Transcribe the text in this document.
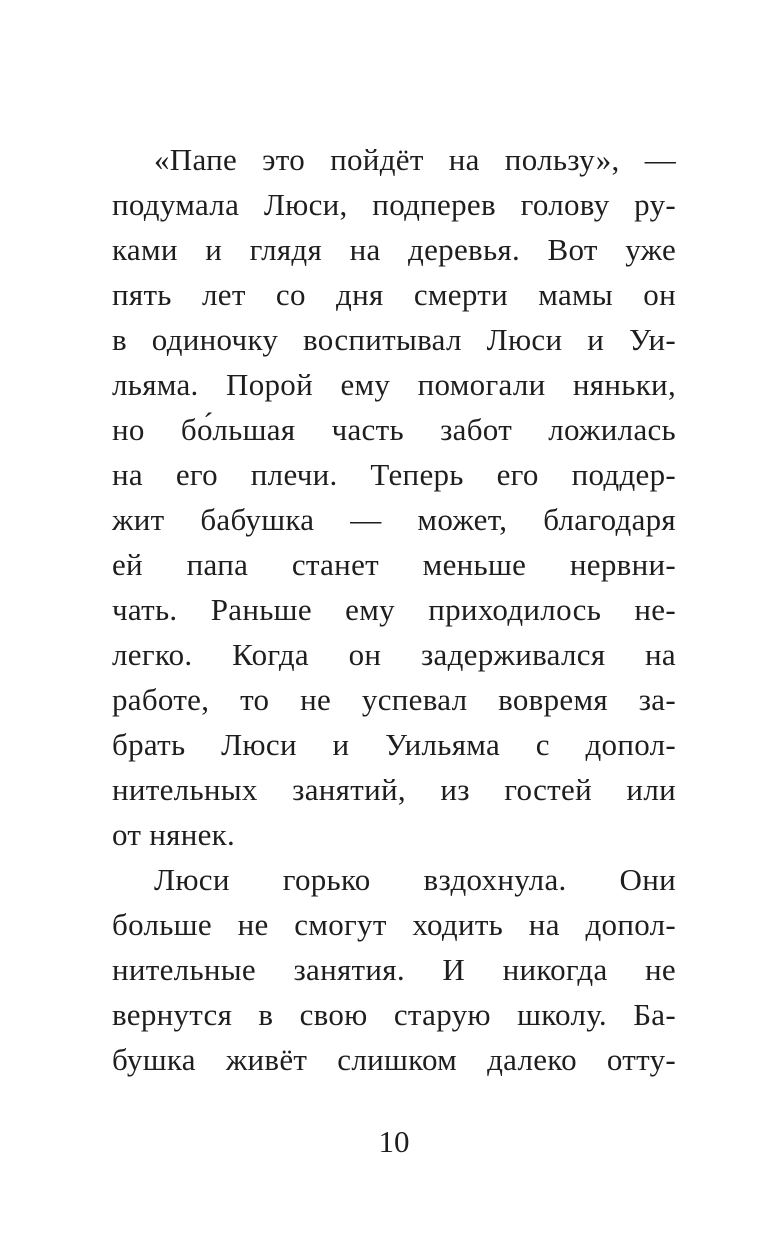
«Папе это пойдёт на пользу», —
подумала Люси, подперев голову ру-
ками и глядя на деревья. Вот уже
пять лет со дня смерти мамы он
в одиночку воспитывал Люси и Уи-
льяма. Порой ему помогали няньки,
но бо́льшая часть забот ложилась
на его плечи. Теперь его поддер-
жит бабушка — может, благодаря
ей папа станет меньше нервни-
чать. Раньше ему приходилось не-
легко. Когда он задерживался на
работе, то не успевал вовремя за-
брать Люси и Уильяма с допол-
нительных занятий, из гостей или
от нянек.
Люси горько вздохнула. Они
больше не смогут ходить на допол-
нительные занятия. И никогда не
вернутся в свою старую школу. Ба-
бушка живёт слишком далеко отту-
10
